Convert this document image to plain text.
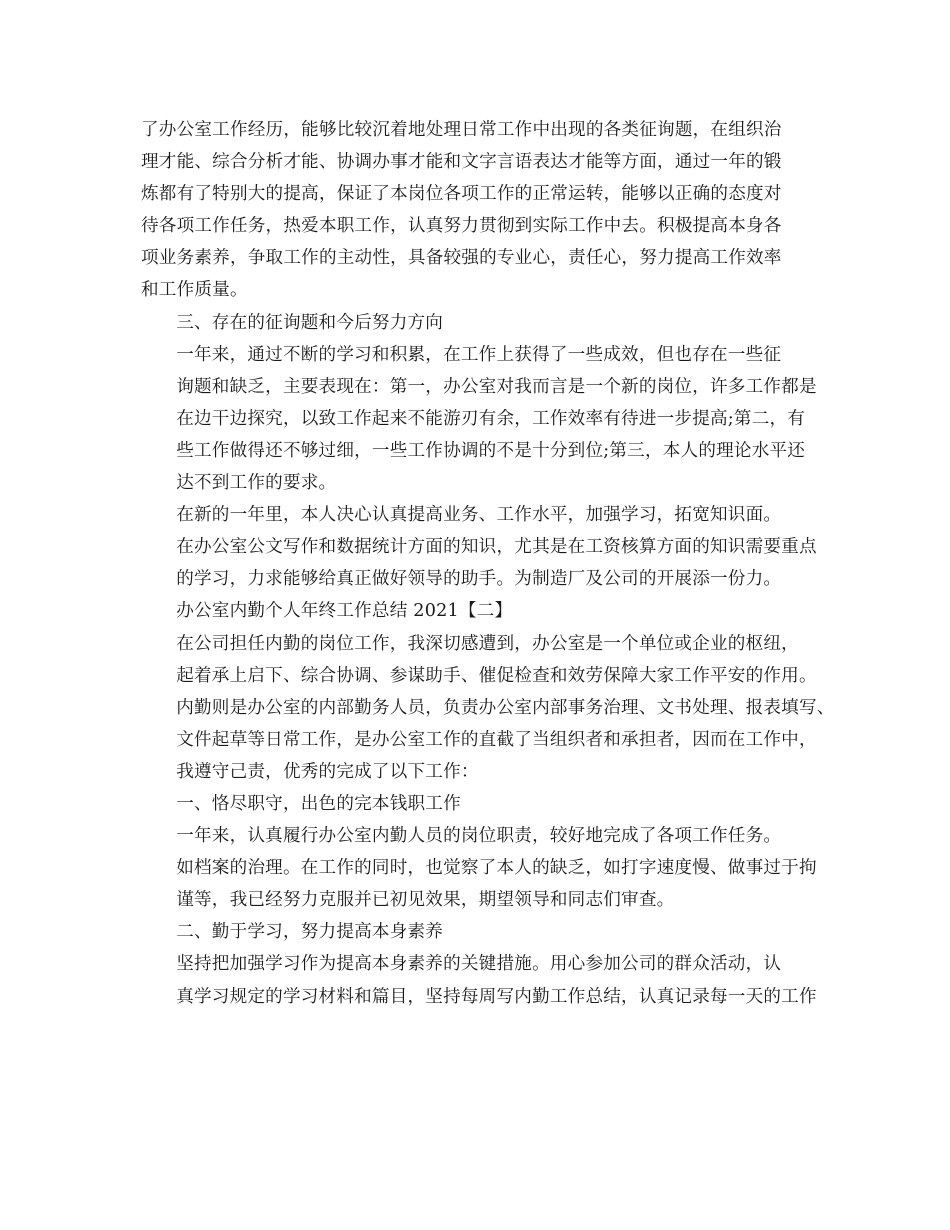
了办公室工作经历，能够比较沉着地处理日常工作中出现的各类征询题，在组织治
理才能、综合分析才能、协调办事才能和文字言语表达才能等方面，通过一年的锻
炼都有了特别大的提高，保证了本岗位各项工作的正常运转，能够以正确的态度对
待各项工作任务，热爱本职工作，认真努力贯彻到实际工作中去。积极提高本身各
项业务素养，争取工作的主动性，具备较强的专业心，责任心，努力提高工作效率
和工作质量。

三、存在的征询题和今后努力方向

一年来，通过不断的学习和积累，在工作上获得了一些成效，但也存在一些征
询题和缺乏，主要表现在：第一，办公室对我而言是一个新的岗位，许多工作都是
在边干边探究，以致工作起来不能游刃有余，工作效率有待进一步提高;第二，有
些工作做得还不够过细，一些工作协调的不是十分到位;第三，本人的理论水平还
达不到工作的要求。

在新的一年里，本人决心认真提高业务、工作水平，加强学习，拓宽知识面。
在办公室公文写作和数据统计方面的知识，尤其是在工资核算方面的知识需要重点
的学习，力求能够给真正做好领导的助手。为制造厂及公司的开展添一份力。

办公室内勤个人年终工作总结 2021【二】

在公司担任内勤的岗位工作，我深切感遭到，办公室是一个单位或企业的枢纽，
起着承上启下、综合协调、参谋助手、催促检查和效劳保障大家工作平安的作用。
内勤则是办公室的内部勤务人员，负责办公室内部事务治理、文书处理、报表填写、
文件起草等日常工作，是办公室工作的直截了当组织者和承担者，因而在工作中，
我遵守己责，优秀的完成了以下工作：

一、恪尽职守，出色的完本钱职工作

一年来，认真履行办公室内勤人员的岗位职责，较好地完成了各项工作任务。
如档案的治理。在工作的同时，也觉察了本人的缺乏，如打字速度慢、做事过于拘
谨等，我已经努力克服并已初见效果，期望领导和同志们审查。

二、勤于学习，努力提高本身素养

坚持把加强学习作为提高本身素养的关键措施。用心参加公司的群众活动，认
真学习规定的学习材料和篇目，坚持每周写内勤工作总结，认真记录每一天的工作
